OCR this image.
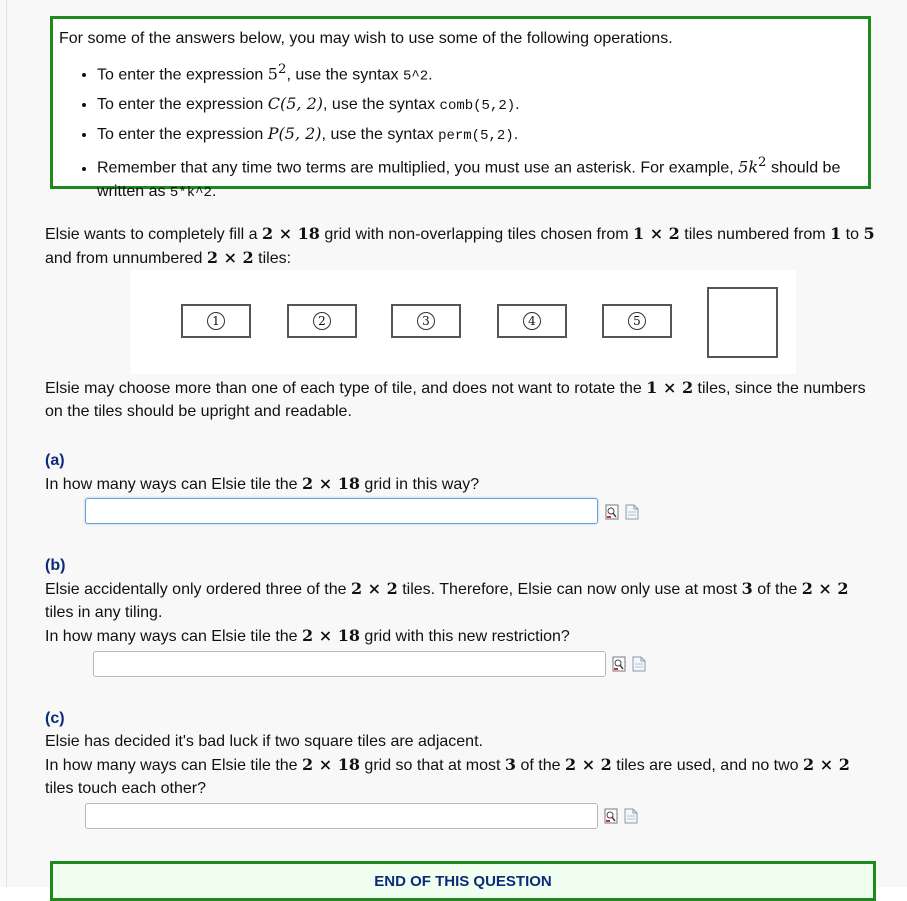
For some of the answers below, you may wish to use some of the following operations.
• To enter the expression $5^2$, use the syntax 5^2.
• To enter the expression C(5, 2), use the syntax comb(5,2).
• To enter the expression P(5, 2), use the syntax perm(5,2).
• Remember that any time two terms are multiplied, you must use an asterisk. For example, $5k^2$ should be written as 5*k^2.
Elsie wants to completely fill a 2 × 18 grid with non-overlapping tiles chosen from 1 × 2 tiles numbered from 1 to 5 and from unnumbered 2 × 2 tiles:
1	2	3	4	5
Elsie may choose more than one of each type of tile, and does not want to rotate the 1 × 2 tiles, since the numbers on the tiles should be upright and readable.
(a)
In how many ways can Elsie tile the 2 × 18 grid in this way?

(b)
Elsie accidentally only ordered three of the 2 × 2 tiles. Therefore, Elsie can now only use at most 3 of the 2 × 2 tiles in any tiling.
In how many ways can Elsie tile the 2 × 18 grid with this new restriction?

(c)
Elsie has decided it's bad luck if two square tiles are adjacent.
In how many ways can Elsie tile the 2 × 18 grid so that at most 3 of the 2 × 2 tiles are used, and no two 2 × 2 tiles touch each other?

END OF THIS QUESTION
